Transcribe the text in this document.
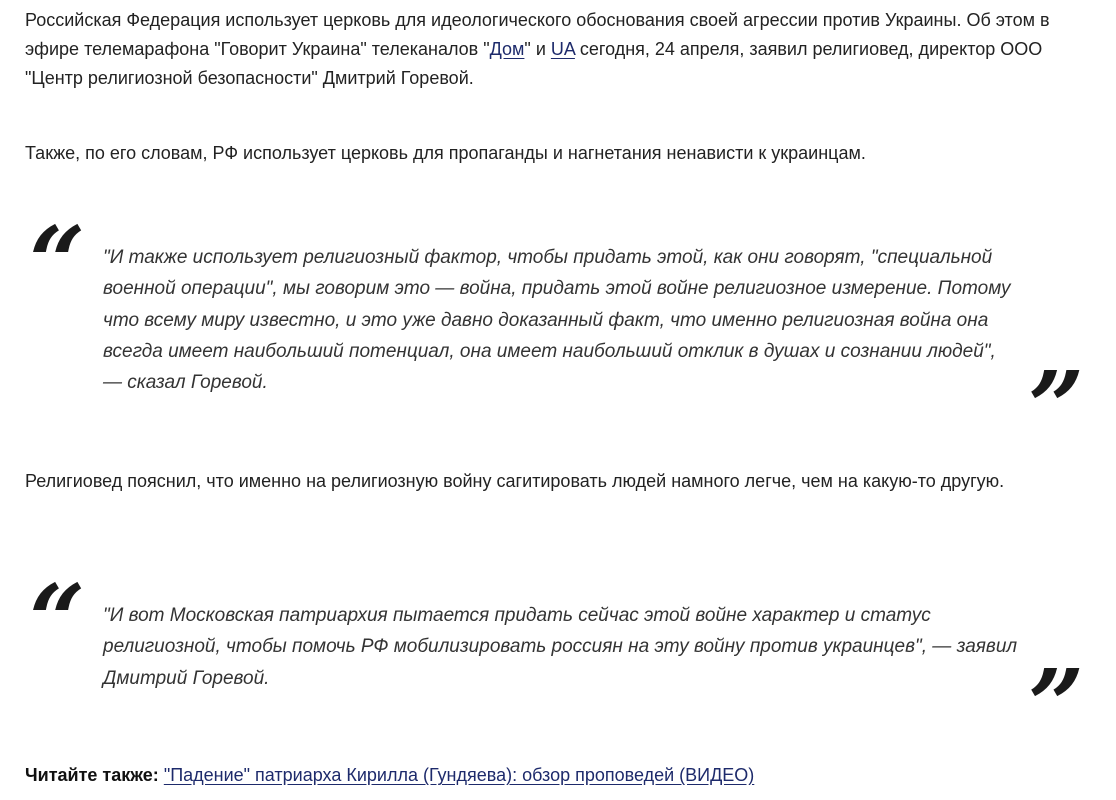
Российская Федерация использует церковь для идеологического обоснования своей агрессии против Украины. Об этом в эфире телемарафона "Говорит Украина" телеканалов "Дом" и UA сегодня, 24 апреля, заявил религиовед, директор ООО "Центр религиозной безопасности" Дмитрий Горевой.

Также, по его словам, РФ использует церковь для пропаганды и нагнетания ненависти к украинцам.

“ "И также использует религиозный фактор, чтобы придать этой, как они говорят, "специальной военной операции", мы говорим это — война, придать этой войне религиозное измерение. Потому что всему миру известно, и это уже давно доказанный факт, что именно религиозная война она всегда имеет наибольший потенциал, она имеет наибольший отклик в душах и сознании людей", — сказал Горевой.	”

Религиовед пояснил, что именно на религиозную войну сагитировать людей намного легче, чем на какую-то другую.

“ "И вот Московская патриархия пытается придать сейчас этой войне характер и статус религиозной, чтобы помочь РФ мобилизировать россиян на эту войну против украинцев", — заявил Дмитрий Горевой.	”
Читайте также: "Падение" патриарха Кирилла (Гундяева): обзор проповедей (ВИДЕО)
